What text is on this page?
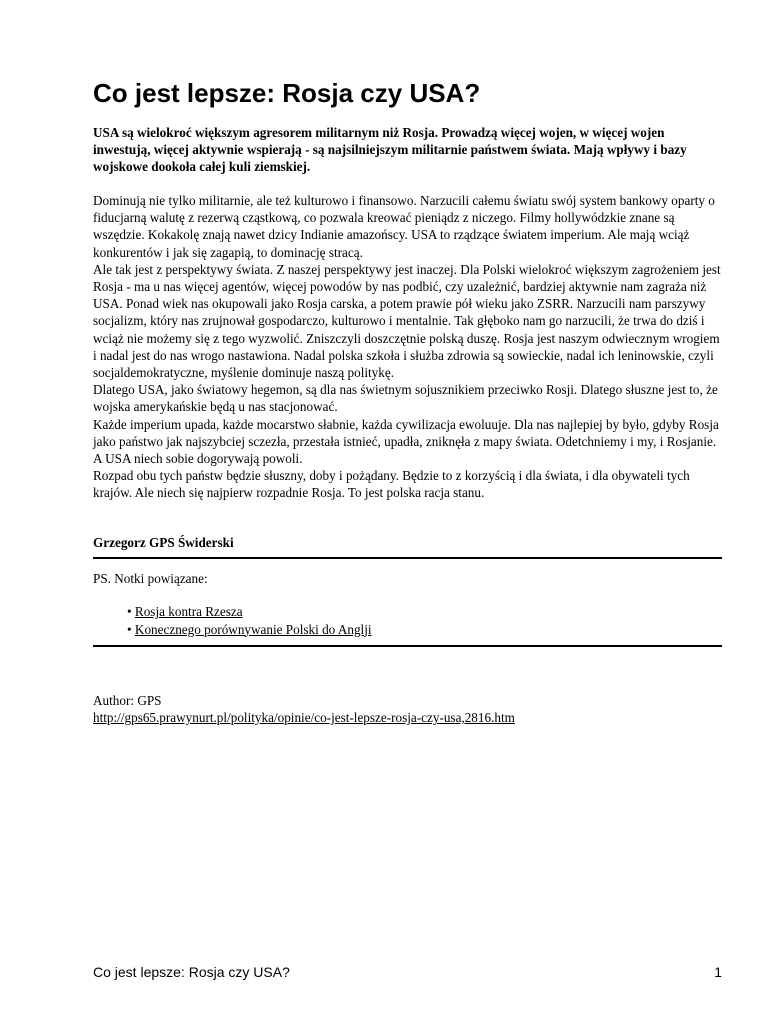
Co jest lepsze: Rosja czy USA?

USA są wielokroć większym agresorem militarnym niż Rosja. Prowadzą więcej wojen, w więcej wojen inwestują, więcej aktywnie wspierają - są najsilniejszym militarnie państwem świata. Mają wpływy i bazy wojskowe dookoła całej kuli ziemskiej.

Dominują nie tylko militarnie, ale też kulturowo i finansowo. Narzucili całemu światu swój system bankowy oparty o fiducjarną walutę z rezerwą cząstkową, co pozwala kreować pieniądz z niczego. Filmy hollywódzkie znane są wszędzie. Kokakolę znają nawet dzicy Indianie amazońscy. USA to rządzące światem imperium. Ale mają wciąż konkurentów i jak się zagapią, to dominację stracą.
Ale tak jest z perspektywy świata. Z naszej perspektywy jest inaczej. Dla Polski wielokroć większym zagrożeniem jest Rosja - ma u nas więcej agentów, więcej powodów by nas podbić, czy uzależnić, bardziej aktywnie nam zagraża niż USA. Ponad wiek nas okupowali jako Rosja carska, a potem prawie pół wieku jako ZSRR. Narzucili nam parszywy socjalizm, który nas zrujnował gospodarczo, kulturowo i mentalnie. Tak głęboko nam go narzucili, że trwa do dziś i wciąż nie możemy się z tego wyzwolić. Zniszczyli doszczętnie polską duszę. Rosja jest naszym odwiecznym wrogiem i nadal jest do nas wrogo nastawiona. Nadal polska szkoła i służba zdrowia są sowieckie, nadal ich leninowskie, czyli socjaldemokratyczne, myślenie dominuje naszą politykę.
Dlatego USA, jako światowy hegemon, są dla nas świetnym sojusznikiem przeciwko Rosji. Dlatego słuszne jest to, że wojska amerykańskie będą u nas stacjonować.
Każde imperium upada, każde mocarstwo słabnie, każda cywilizacja ewoluuje. Dla nas najlepiej by było, gdyby Rosja jako państwo jak najszybciej sczezła, przestała istnieć, upadła, zniknęła z mapy świata. Odetchniemy i my, i Rosjanie. A USA niech sobie dogorywają powoli.
Rozpad obu tych państw będzie słuszny, doby i pożądany. Będzie to z korzyścią i dla świata, i dla obywateli tych krajów. Ale niech się najpierw rozpadnie Rosja. To jest polska racja stanu.

Grzegorz GPS Świderski

PS. Notki powiązane:

• Rosja kontra Rzesza
• Konecznego porównywanie Polski do Anglji
Author: GPS
http://gps65.prawynurt.pl/polityka/opinie/co-jest-lepsze-rosja-czy-usa,2816.htm
Co jest lepsze: Rosja czy USA?	1
